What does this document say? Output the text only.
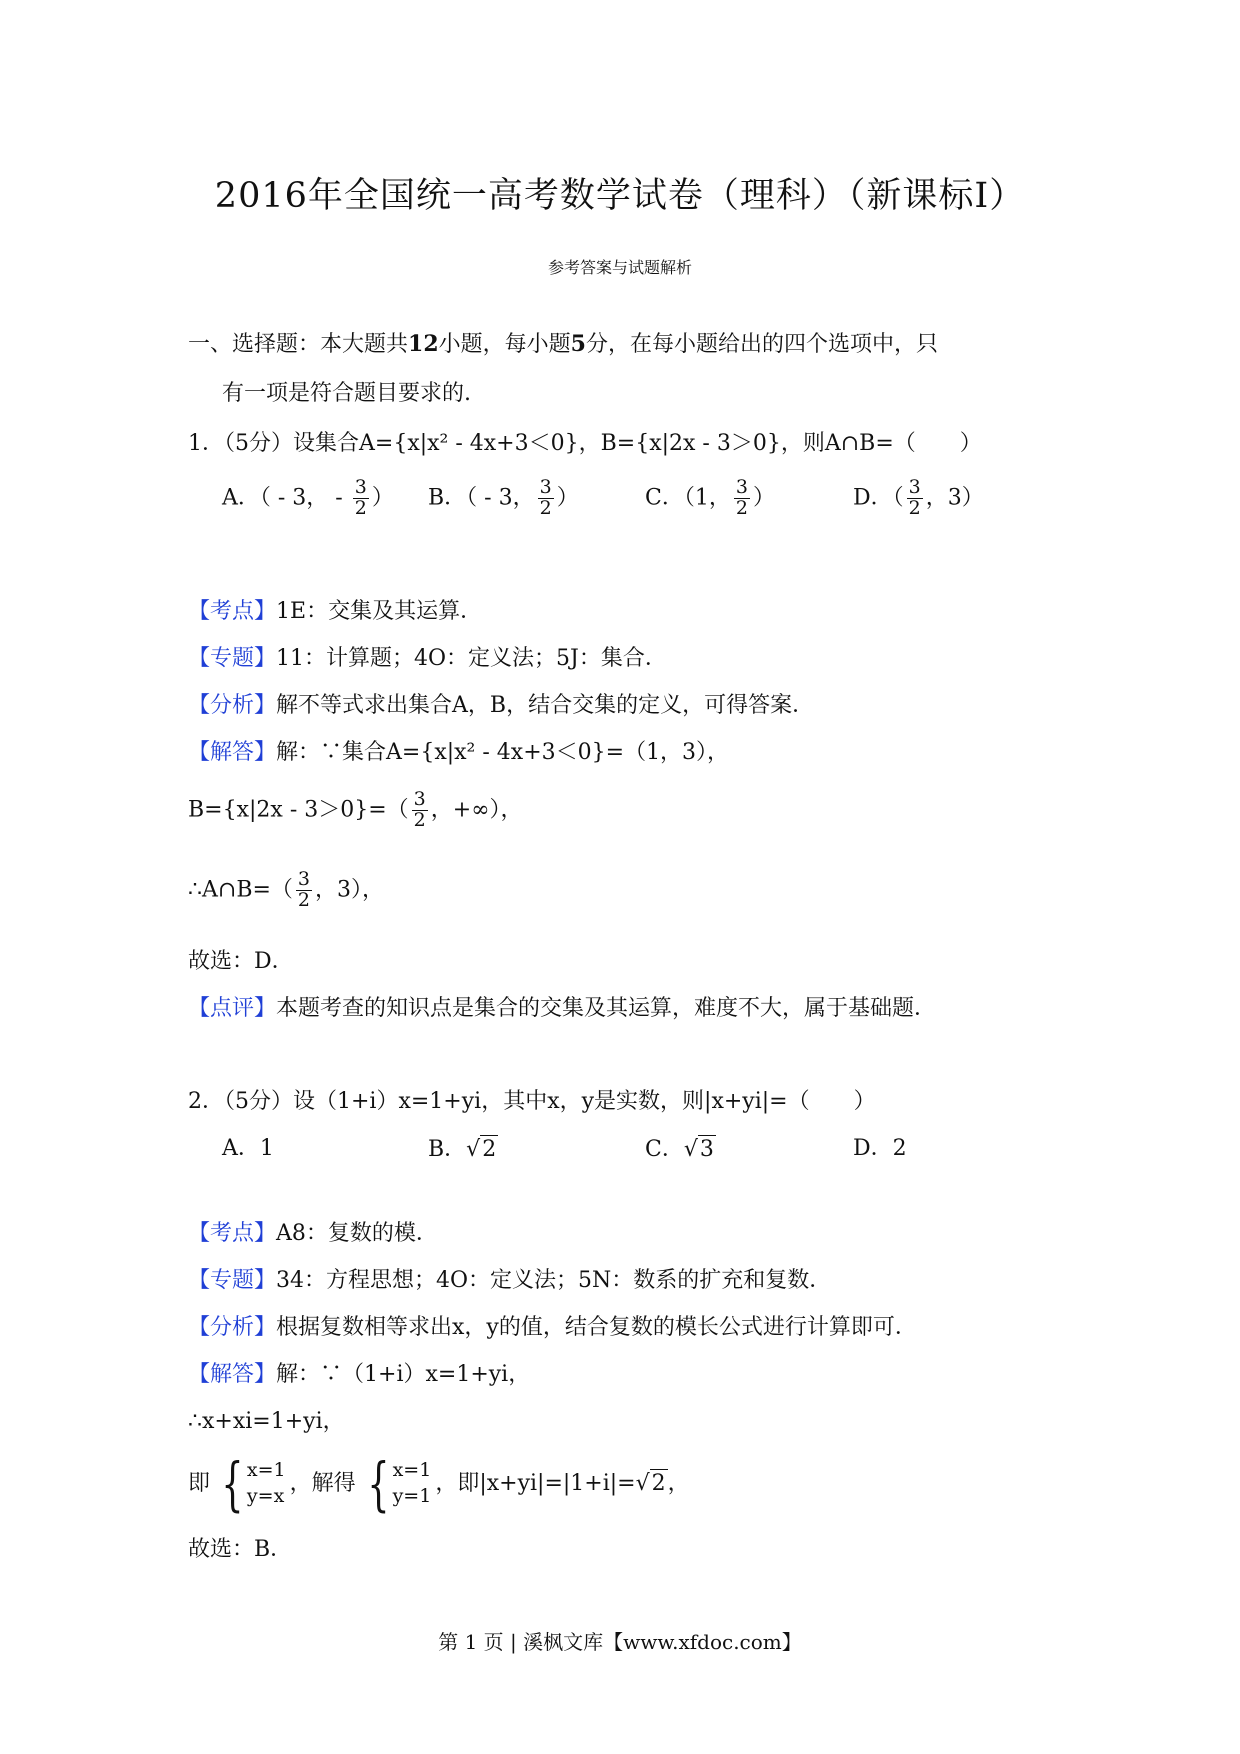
2016年全国统一高考数学试卷（理科）（新课标Ⅰ）
参考答案与试题解析
一、选择题：本大题共12小题，每小题5分，在每小题给出的四个选项中，只
有一项是符合题目要求的.
1．（5分）设集合A={x|x² - 4x+3＜0}，B={x|2x - 3＞0}，则A∩B=（　　）
A．（ - 3， - $\frac{3}{2}$ ） B．（ - 3， $\frac{3}{2}$ ）	C．（1， $\frac{3}{2}$ ）	D．（ $\frac{3}{2}$ ，3）
【考点】1E：交集及其运算．
【专题】11：计算题；4O：定义法；5J：集合．
【分析】解不等式求出集合A，B，结合交集的定义，可得答案．
【解答】解：∵集合A={x|x² - 4x+3＜0}=（1，3），
$B=\{x|2x - 3>0\}=( \frac{3}{2}$ ，+∞），
∴A∩B=（ $\frac{3}{2}$ ，3），
故选：D．
【点评】本题考查的知识点是集合的交集及其运算，难度不大，属于基础题．
2．（5分）设（1+i）x=1+yi，其中x，y是实数，则|x+yi|=（　　）
A．1	B．√2	C．√3	D．2
【考点】A8：复数的模．
【专题】34：方程思想；4O：定义法；5N：数系的扩充和复数．
【分析】根据复数相等求出x，y的值，结合复数的模长公式进行计算即可．
【解答】解：∵（1+i）x=1+yi，
∴x+xi=1+yi，
即 { x=1
y=x ，解得 { x=1
y=1 ，即|x+yi|=|1+i|=√2，
故选：B．
第 1 页 | 溪枫文库【www.xfdoc.com】
